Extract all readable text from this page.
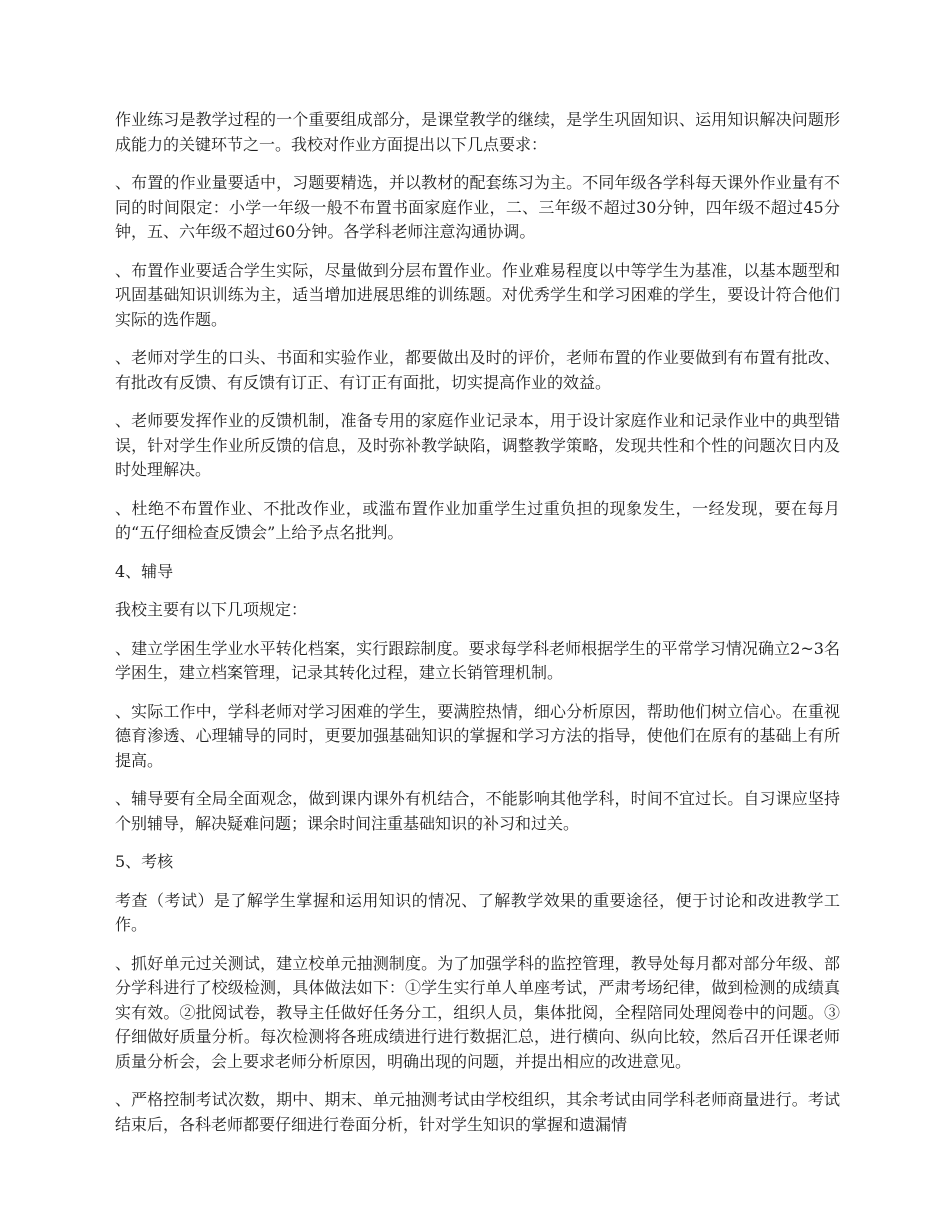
作业练习是教学过程的一个重要组成部分，是课堂教学的继续，是学生巩固知识、运用知识解决问题形成能力的关键环节之一。我校对作业方面提出以下几点要求：

、布置的作业量要适中，习题要精选，并以教材的配套练习为主。不同年级各学科每天课外作业量有不同的时间限定：小学一年级一般不布置书面家庭作业，二、三年级不超过30分钟，四年级不超过45分钟，五、六年级不超过60分钟。各学科老师注意沟通协调。

、布置作业要适合学生实际，尽量做到分层布置作业。作业难易程度以中等学生为基准，以基本题型和巩固基础知识训练为主，适当增加进展思维的训练题。对优秀学生和学习困难的学生，要设计符合他们实际的选作题。

、老师对学生的口头、书面和实验作业，都要做出及时的评价，老师布置的作业要做到有布置有批改、有批改有反馈、有反馈有订正、有订正有面批，切实提高作业的效益。

、老师要发挥作业的反馈机制，准备专用的家庭作业记录本，用于设计家庭作业和记录作业中的典型错误，针对学生作业所反馈的信息，及时弥补教学缺陷，调整教学策略，发现共性和个性的问题次日内及时处理解决。

、杜绝不布置作业、不批改作业，或滥布置作业加重学生过重负担的现象发生，一经发现，要在每月的“五仔细检查反馈会”上给予点名批判。

4、辅导

我校主要有以下几项规定：

、建立学困生学业水平转化档案，实行跟踪制度。要求每学科老师根据学生的平常学习情况确立2~3名学困生，建立档案管理，记录其转化过程，建立长销管理机制。

、实际工作中，学科老师对学习困难的学生，要满腔热情，细心分析原因，帮助他们树立信心。在重视德育渗透、心理辅导的同时，更要加强基础知识的掌握和学习方法的指导，使他们在原有的基础上有所提高。

、辅导要有全局全面观念，做到课内课外有机结合，不能影响其他学科，时间不宜过长。自习课应坚持个别辅导，解决疑难问题；课余时间注重基础知识的补习和过关。

5、考核

考查（考试）是了解学生掌握和运用知识的情况、了解教学效果的重要途径，便于讨论和改进教学工作。

、抓好单元过关测试，建立校单元抽测制度。为了加强学科的监控管理，教导处每月都对部分年级、部分学科进行了校级检测，具体做法如下：①学生实行单人单座考试，严肃考场纪律，做到检测的成绩真实有效。②批阅试卷，教导主任做好任务分工，组织人员，集体批阅，全程陪同处理阅卷中的问题。③仔细做好质量分析。每次检测将各班成绩进行进行数据汇总，进行横向、纵向比较，然后召开任课老师质量分析会，会上要求老师分析原因，明确出现的问题，并提出相应的改进意见。

、严格控制考试次数，期中、期末、单元抽测考试由学校组织，其余考试由同学科老师商量进行。考试结束后，各科老师都要仔细进行卷面分析，针对学生知识的掌握和遗漏情
